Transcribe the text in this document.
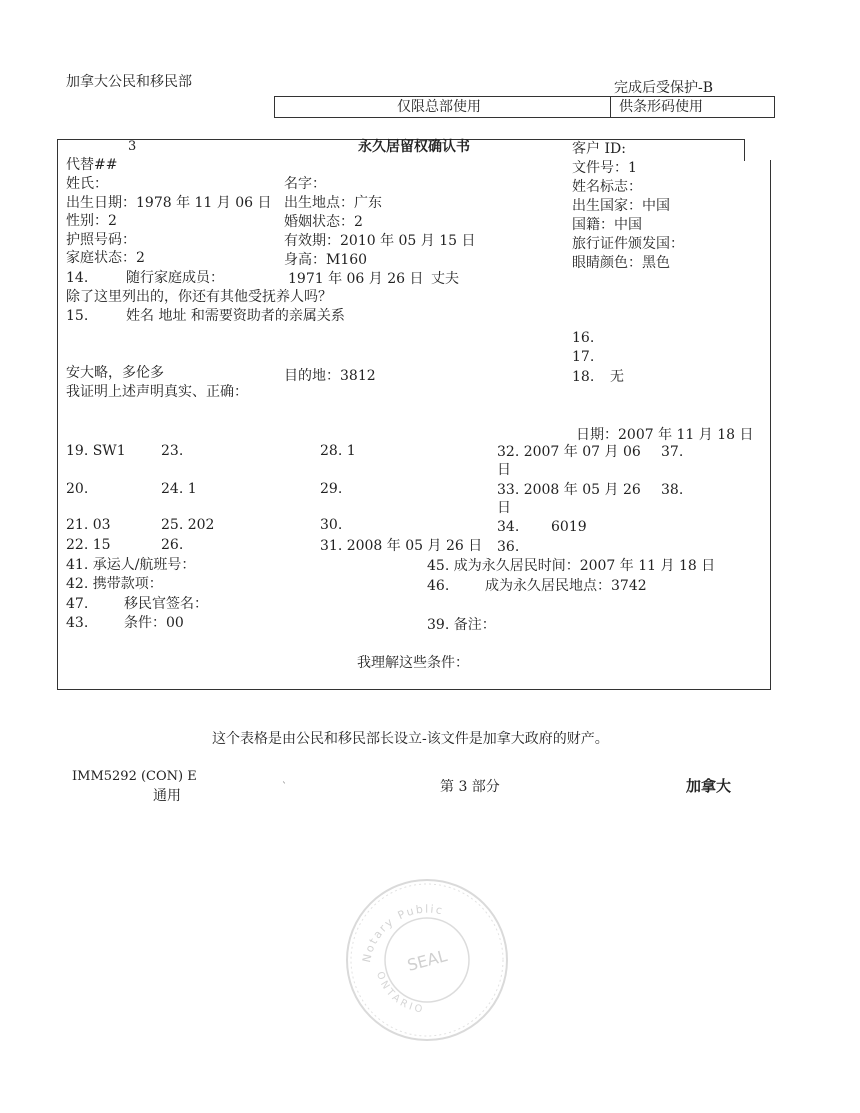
加拿大公民和移民部	完成后受保护-B
仅限总部使用	供条形码使用
3	永久居留权确认书	客户 ID:
代替##	文件号：1
姓氏：	名字：	姓名标志：
出生日期：1978 年 11 月 06 日 出生地点：广东	出生国家：中国
性别：2	婚姻状态：2	国籍：中国
护照号码：	有效期：2010 年 05 月 15 日	旅行证件颁发国：
家庭状态：2	身高：M160	眼睛颜色：黑色
14.	随行家庭成员：	1971 年 06 月 26 日 丈夫
除了这里列出的，你还有其他受抚养人吗？
15.	姓名 地址 和需要资助者的亲属关系
16.
17.
安大略，多伦多	目的地：3812	18. 无
我证明上述声明真实、正确：
日期：2007 年 11 月 18 日
19. SW1	23.	28. 1	32. 2007 年 07 月 06 37.
日
20.	24. 1	29.	33. 2008 年 05 月 26 38.
日
21. 03	25. 202	30.	34. 6019
22. 15	26.	31. 2008 年 05 月 26 日 36.
41. 承运人/航班号：	45. 成为永久居民时间：2007 年 11 月 18 日
42. 携带款项：	46.	成为永久居民地点：3742
47.	移民官签名：
43.	条件：00	39. 备注：
我理解这些条件：
这个表格是由公民和移民部长设立-该文件是加拿大政府的财产。
IMM5292 (CON) E
通用
第 3 部分	加拿大
`
Notary Public
ONTARIO
SEAL
